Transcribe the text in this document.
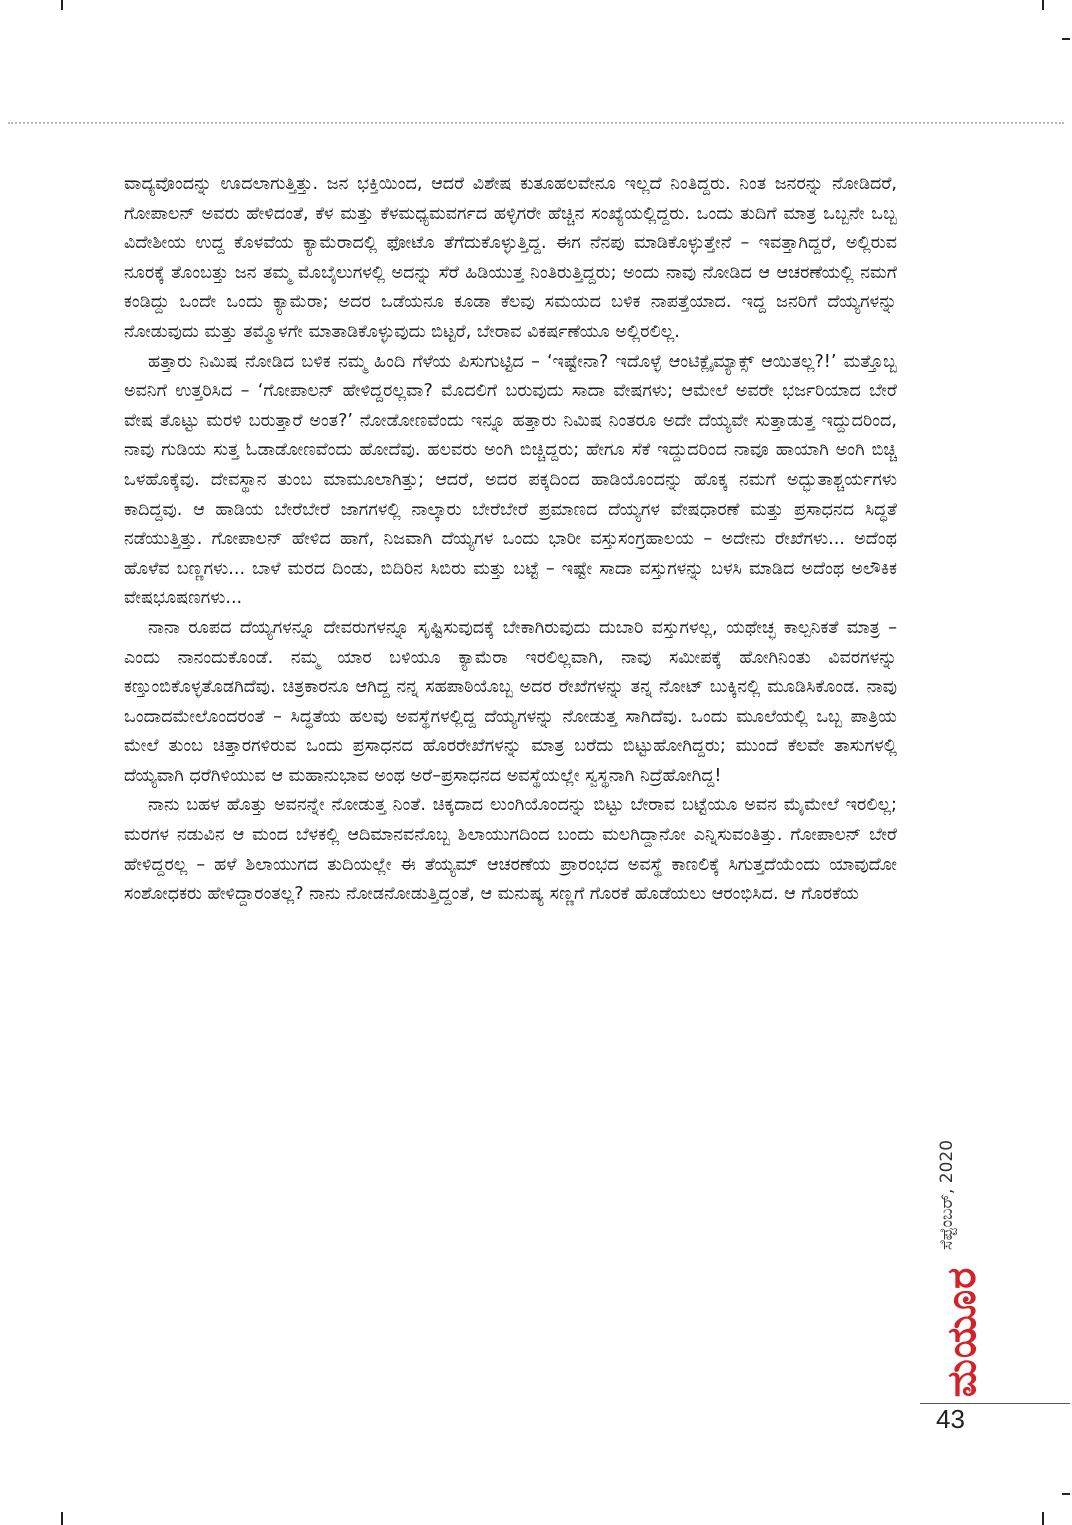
ವಾದ್ಯವೊಂದನ್ನು ಊದಲಾಗುತ್ತಿತ್ತು. ಜನ ಭಕ್ತಿಯಿಂದ, ಆದರೆ ವಿಶೇಷ ಕುತೂಹಲವೇನೂ ಇಲ್ಲದೆ ನಿಂತಿದ್ದರು. ನಿಂತ ಜನರನ್ನು ನೋಡಿದರೆ, ಗೋಪಾಲನ್ ಅವರು ಹೇಳಿದಂತೆ, ಕೆಳ ಮತ್ತು ಕೆಳಮಧ್ಯಮವರ್ಗದ ಹಳ್ಳಿಗರೇ ಹೆಚ್ಚಿನ ಸಂಖ್ಯೆಯಲ್ಲಿದ್ದರು. ಒಂದು ತುದಿಗೆ ಮಾತ್ರ ಒಬ್ಬನೇ ಒಬ್ಬ ವಿದೇಶೀಯ ಉದ್ದ ಕೊಳವೆಯ ಕ್ಯಾಮೆರಾದಲ್ಲಿ ಫೋಟೊ ತೆಗೆದುಕೊಳ್ಳುತ್ತಿದ್ದ. ಈಗ ನೆನಪು ಮಾಡಿಕೊಳ್ಳುತ್ತೇನೆ – ಇವತ್ತಾಗಿದ್ದರೆ, ಅಲ್ಲಿರುವ ನೂರಕ್ಕೆ ತೊಂಬತ್ತು ಜನ ತಮ್ಮ ಮೊಬೈಲುಗಳಲ್ಲಿ ಅದನ್ನು ಸೆರೆ ಹಿಡಿಯುತ್ತ ನಿಂತಿರುತ್ತಿದ್ದರು; ಅಂದು ನಾವು ನೋಡಿದ ಆ ಆಚರಣೆಯಲ್ಲಿ ನಮಗೆ ಕಂಡಿದ್ದು ಒಂದೇ ಒಂದು ಕ್ಯಾಮೆರಾ; ಅದರ ಒಡೆಯನೂ ಕೂಡಾ ಕೆಲವು ಸಮಯದ ಬಳಿಕ ನಾಪತ್ತೆಯಾದ. ಇದ್ದ ಜನರಿಗೆ ದೆಯ್ಯಗಳನ್ನು ನೋಡುವುದು ಮತ್ತು ತಮ್ಮೊಳಗೇ ಮಾತಾಡಿಕೊಳ್ಳುವುದು ಬಿಟ್ಟರೆ, ಬೇರಾವ ವಿಕರ್ಷಣೆಯೂ ಅಲ್ಲಿರಲಿಲ್ಲ.

ಹತ್ತಾರು ನಿಮಿಷ ನೋಡಿದ ಬಳಿಕ ನಮ್ಮ ಹಿಂದಿ ಗೆಳೆಯ ಪಿಸುಗುಟ್ಟಿದ – ‘ಇಷ್ಟೇನಾ? ಇದೊಳ್ಳೆ ಆಂಟಿಕ್ಲೈಮ್ಯಾಕ್ಸ್ ಆಯಿತಲ್ಲ?!’ ಮತ್ತೊಬ್ಬ ಅವನಿಗೆ ಉತ್ತರಿಸಿದ – ‘ಗೋಪಾಲನ್ ಹೇಳಿದ್ದರಲ್ಲವಾ? ಮೊದಲಿಗೆ ಬರುವುದು ಸಾದಾ ವೇಷಗಳು; ಆಮೇಲೆ ಅವರೇ ಭರ್ಜರಿಯಾದ ಬೇರೆ ವೇಷ ತೊಟ್ಟು ಮರಳಿ ಬರುತ್ತಾರೆ ಅಂತ?’ ನೋಡೋಣವೆಂದು ಇನ್ನೂ ಹತ್ತಾರು ನಿಮಿಷ ನಿಂತರೂ ಅದೇ ದೆಯ್ಯವೇ ಸುತ್ತಾಡುತ್ತ ಇದ್ದುದರಿಂದ, ನಾವು ಗುಡಿಯ ಸುತ್ತ ಓಡಾಡೋಣವೆಂದು ಹೋದೆವು. ಹಲವರು ಅಂಗಿ ಬಿಚ್ಚಿದ್ದರು; ಹೇಗೂ ಸೆಕೆ ಇದ್ದುದರಿಂದ ನಾವೂ ಹಾಯಾಗಿ ಅಂಗಿ ಬಿಚ್ಚಿ ಒಳಹೊಕ್ಕೆವು. ದೇವಸ್ಥಾನ ತುಂಬ ಮಾಮೂಲಾಗಿತ್ತು; ಆದರೆ, ಅದರ ಪಕ್ಕದಿಂದ ಹಾಡಿಯೊಂದನ್ನು ಹೊಕ್ಕ ನಮಗೆ ಅದ್ಭುತಾಶ್ಚರ್ಯಗಳು ಕಾದಿದ್ದವು. ಆ ಹಾಡಿಯ ಬೇರೆಬೇರೆ ಜಾಗಗಳಲ್ಲಿ ನಾಲ್ಕಾರು ಬೇರೆಬೇರೆ ಪ್ರಮಾಣದ ದೆಯ್ಯಗಳ ವೇಷಧಾರಣೆ ಮತ್ತು ಪ್ರಸಾಧನದ ಸಿದ್ಧತೆ ನಡೆಯುತ್ತಿತ್ತು. ಗೋಪಾಲನ್ ಹೇಳಿದ ಹಾಗೆ, ನಿಜವಾಗಿ ದೆಯ್ಯಗಳ ಒಂದು ಭಾರೀ ವಸ್ತುಸಂಗ್ರಹಾಲಯ – ಅದೇನು ರೇಖೆಗಳು... ಅದೆಂಥ ಹೊಳೆವ ಬಣ್ಣಗಳು... ಬಾಳೆ ಮರದ ದಿಂಡು, ಬಿದಿರಿನ ಸಿಬಿರು ಮತ್ತು ಬಟ್ಟೆ – ಇಷ್ಟೇ ಸಾದಾ ವಸ್ತುಗಳನ್ನು ಬಳಸಿ ಮಾಡಿದ ಅದೆಂಥ ಅಲೌಕಿಕ ವೇಷಭೂಷಣಗಳು...

ನಾನಾ ರೂಪದ ದೆಯ್ಯಗಳನ್ನೂ ದೇವರುಗಳನ್ನೂ ಸೃಷ್ಟಿಸುವುದಕ್ಕೆ ಬೇಕಾಗಿರುವುದು ದುಬಾರಿ ವಸ್ತುಗಳಲ್ಲ, ಯಥೇಚ್ಛ ಕಾಲ್ಪನಿಕತೆ ಮಾತ್ರ – ಎಂದು ನಾನಂದುಕೊಂಡೆ. ನಮ್ಮ ಯಾರ ಬಳಿಯೂ ಕ್ಯಾಮೆರಾ ಇರಲಿಲ್ಲವಾಗಿ, ನಾವು ಸಮೀಪಕ್ಕೆ ಹೋಗಿನಿಂತು ವಿವರಗಳನ್ನು ಕಣ್ತುಂಬಿಕೊಳ್ಳತೊಡಗಿದೆವು. ಚಿತ್ರಕಾರನೂ ಆಗಿದ್ದ ನನ್ನ ಸಹಪಾಠಿಯೊಬ್ಬ ಅದರ ರೇಖೆಗಳನ್ನು ತನ್ನ ನೋಟ್ ಬುಕ್ಕಿನಲ್ಲಿ ಮೂಡಿಸಿಕೊಂಡ. ನಾವು ಒಂದಾದಮೇಲೊಂದರಂತೆ – ಸಿದ್ಧತೆಯ ಹಲವು ಅವಸ್ಥೆಗಳಲ್ಲಿದ್ದ ದೆಯ್ಯಗಳನ್ನು ನೋಡುತ್ತ ಸಾಗಿದೆವು. ಒಂದು ಮೂಲೆಯಲ್ಲಿ ಒಬ್ಬ ಪಾತ್ರಿಯ ಮೇಲೆ ತುಂಬ ಚಿತ್ತಾರಗಳಿರುವ ಒಂದು ಪ್ರಸಾಧನದ ಹೊರರೇಖೆಗಳನ್ನು ಮಾತ್ರ ಬರೆದು ಬಿಟ್ಟುಹೋಗಿದ್ದರು; ಮುಂದೆ ಕೆಲವೇ ತಾಸುಗಳಲ್ಲಿ ದೆಯ್ಯವಾಗಿ ಧರೆಗಿಳಿಯುವ ಆ ಮಹಾನುಭಾವ ಅಂಥ ಅರೆ–ಪ್ರಸಾಧನದ ಅವಸ್ಥೆಯಲ್ಲೇ ಸ್ವಸ್ಥನಾಗಿ ನಿದ್ರೆಹೋಗಿದ್ದ!

ನಾನು ಬಹಳ ಹೊತ್ತು ಅವನನ್ನೇ ನೋಡುತ್ತ ನಿಂತೆ. ಚಿಕ್ಕದಾದ ಲುಂಗಿಯೊಂದನ್ನು ಬಿಟ್ಟು ಬೇರಾವ ಬಟ್ಟೆಯೂ ಅವನ ಮೈಮೇಲೆ ಇರಲಿಲ್ಲ; ಮರಗಳ ನಡುವಿನ ಆ ಮಂದ ಬೆಳಕಲ್ಲಿ ಆದಿಮಾನವನೊಬ್ಬ ಶಿಲಾಯುಗದಿಂದ ಬಂದು ಮಲಗಿದ್ದಾನೋ ಎನ್ನಿಸುವಂತಿತ್ತು. ಗೋಪಾಲನ್ ಬೇರೆ ಹೇಳಿದ್ದರಲ್ಲ – ಹಳೆ ಶಿಲಾಯುಗದ ತುದಿಯಲ್ಲೇ ಈ ತೆಯ್ಯಮ್ ಆಚರಣೆಯ ಪ್ರಾರಂಭದ ಅವಸ್ಥೆ ಕಾಣಲಿಕ್ಕೆ ಸಿಗುತ್ತದೆಯೆಂದು ಯಾವುದೋ ಸಂಶೋಧಕರು ಹೇಳಿದ್ದಾರಂತಲ್ಲ? ನಾನು ನೋಡನೋಡುತ್ತಿದ್ದಂತೆ, ಆ ಮನುಷ್ಯ ಸಣ್ಣಗೆ ಗೊರಕೆ ಹೊಡೆಯಲು ಆರಂಭಿಸಿದ. ಆ ಗೊರಕೆಯ

ಸೆಪ್ಟೆಂಬರ್, 2020
ಮಯೂರ
43
